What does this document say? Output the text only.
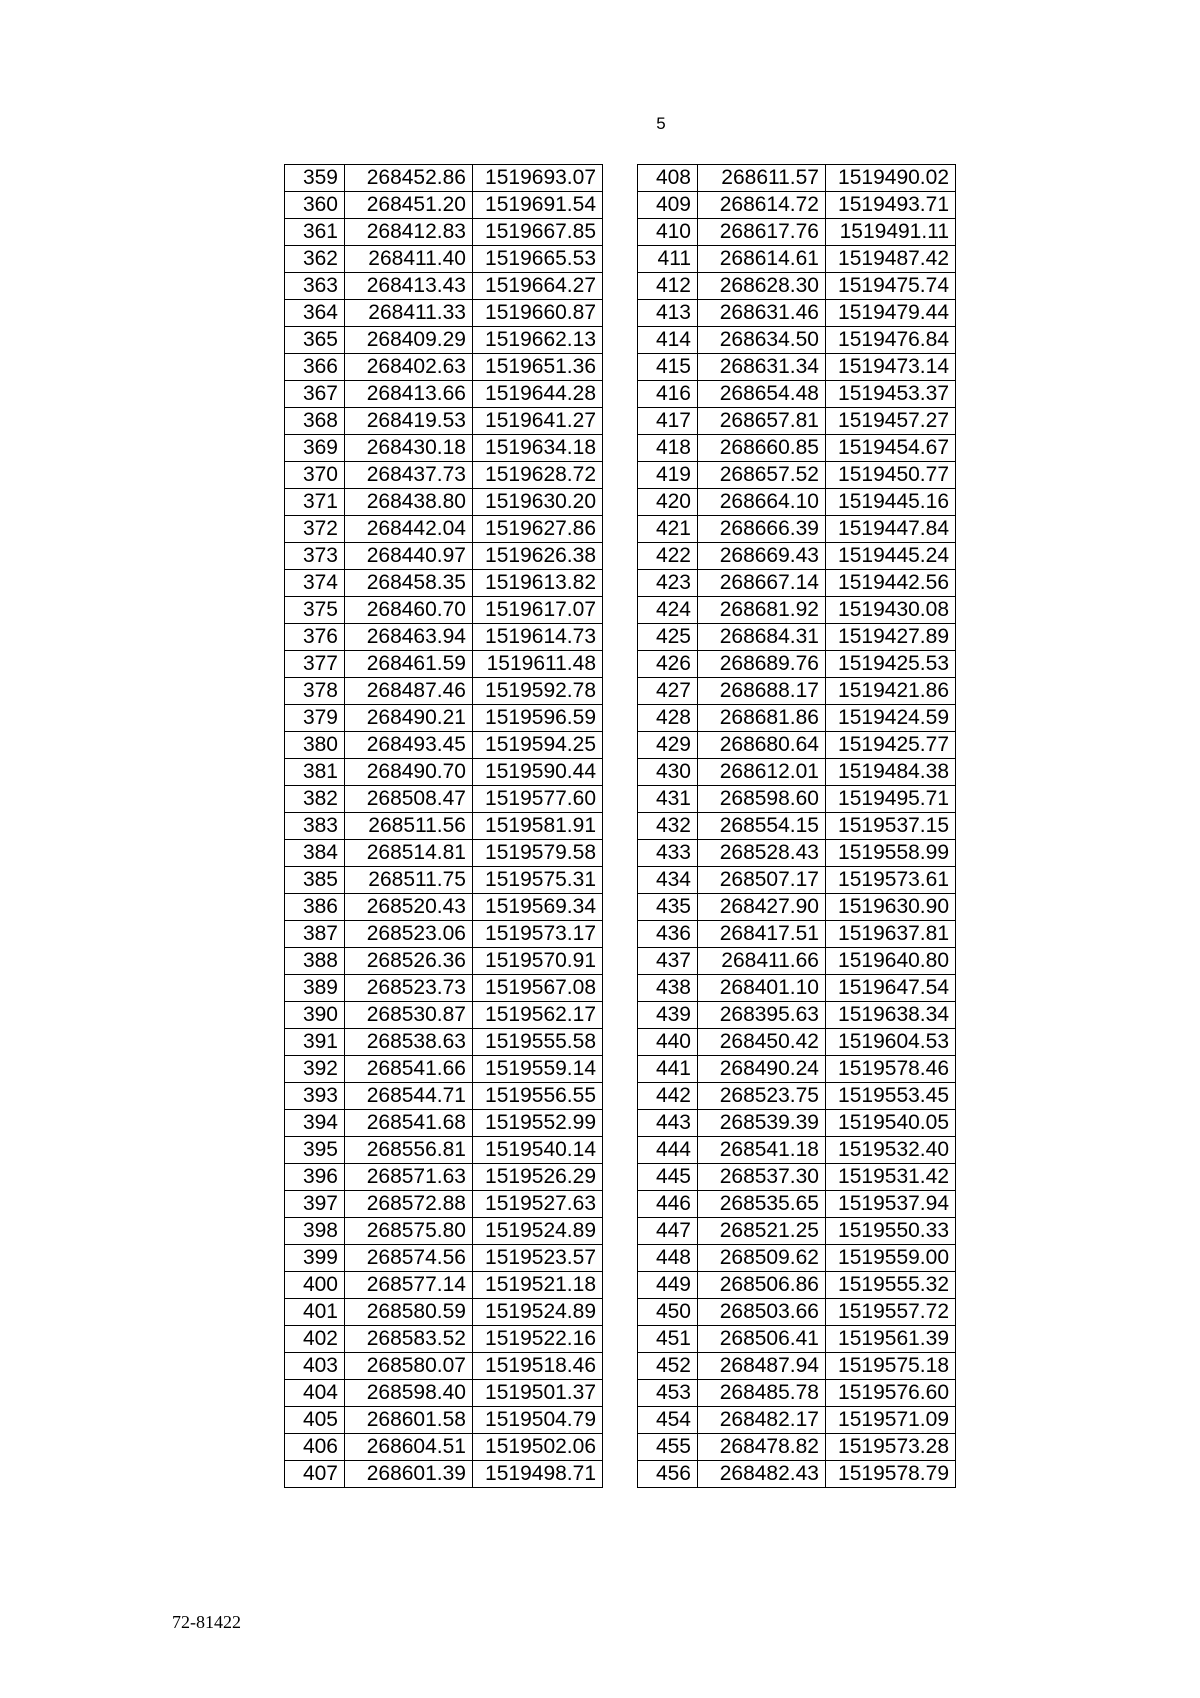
5
359	268452.86	1519693.07
360	268451.20	1519691.54
361	268412.83	1519667.85
362	268411.40	1519665.53
363	268413.43	1519664.27
364	268411.33	1519660.87
365	268409.29	1519662.13
366	268402.63	1519651.36
367	268413.66	1519644.28
368	268419.53	1519641.27
369	268430.18	1519634.18
370	268437.73	1519628.72
371	268438.80	1519630.20
372	268442.04	1519627.86
373	268440.97	1519626.38
374	268458.35	1519613.82
375	268460.70	1519617.07
376	268463.94	1519614.73
377	268461.59	1519611.48
378	268487.46	1519592.78
379	268490.21	1519596.59
380	268493.45	1519594.25
381	268490.70	1519590.44
382	268508.47	1519577.60
383	268511.56	1519581.91
384	268514.81	1519579.58
385	268511.75	1519575.31
386	268520.43	1519569.34
387	268523.06	1519573.17
388	268526.36	1519570.91
389	268523.73	1519567.08
390	268530.87	1519562.17
391	268538.63	1519555.58
392	268541.66	1519559.14
393	268544.71	1519556.55
394	268541.68	1519552.99
395	268556.81	1519540.14
396	268571.63	1519526.29
397	268572.88	1519527.63
398	268575.80	1519524.89
399	268574.56	1519523.57
400	268577.14	1519521.18
401	268580.59	1519524.89
402	268583.52	1519522.16
403	268580.07	1519518.46
404	268598.40	1519501.37
405	268601.58	1519504.79
406	268604.51	1519502.06
407	268601.39	1519498.71
408	268611.57	1519490.02
409	268614.72	1519493.71
410	268617.76	1519491.11
411	268614.61	1519487.42
412	268628.30	1519475.74
413	268631.46	1519479.44
414	268634.50	1519476.84
415	268631.34	1519473.14
416	268654.48	1519453.37
417	268657.81	1519457.27
418	268660.85	1519454.67
419	268657.52	1519450.77
420	268664.10	1519445.16
421	268666.39	1519447.84
422	268669.43	1519445.24
423	268667.14	1519442.56
424	268681.92	1519430.08
425	268684.31	1519427.89
426	268689.76	1519425.53
427	268688.17	1519421.86
428	268681.86	1519424.59
429	268680.64	1519425.77
430	268612.01	1519484.38
431	268598.60	1519495.71
432	268554.15	1519537.15
433	268528.43	1519558.99
434	268507.17	1519573.61
435	268427.90	1519630.90
436	268417.51	1519637.81
437	268411.66	1519640.80
438	268401.10	1519647.54
439	268395.63	1519638.34
440	268450.42	1519604.53
441	268490.24	1519578.46
442	268523.75	1519553.45
443	268539.39	1519540.05
444	268541.18	1519532.40
445	268537.30	1519531.42
446	268535.65	1519537.94
447	268521.25	1519550.33
448	268509.62	1519559.00
449	268506.86	1519555.32
450	268503.66	1519557.72
451	268506.41	1519561.39
452	268487.94	1519575.18
453	268485.78	1519576.60
454	268482.17	1519571.09
455	268478.82	1519573.28
456	268482.43	1519578.79
72-81422
